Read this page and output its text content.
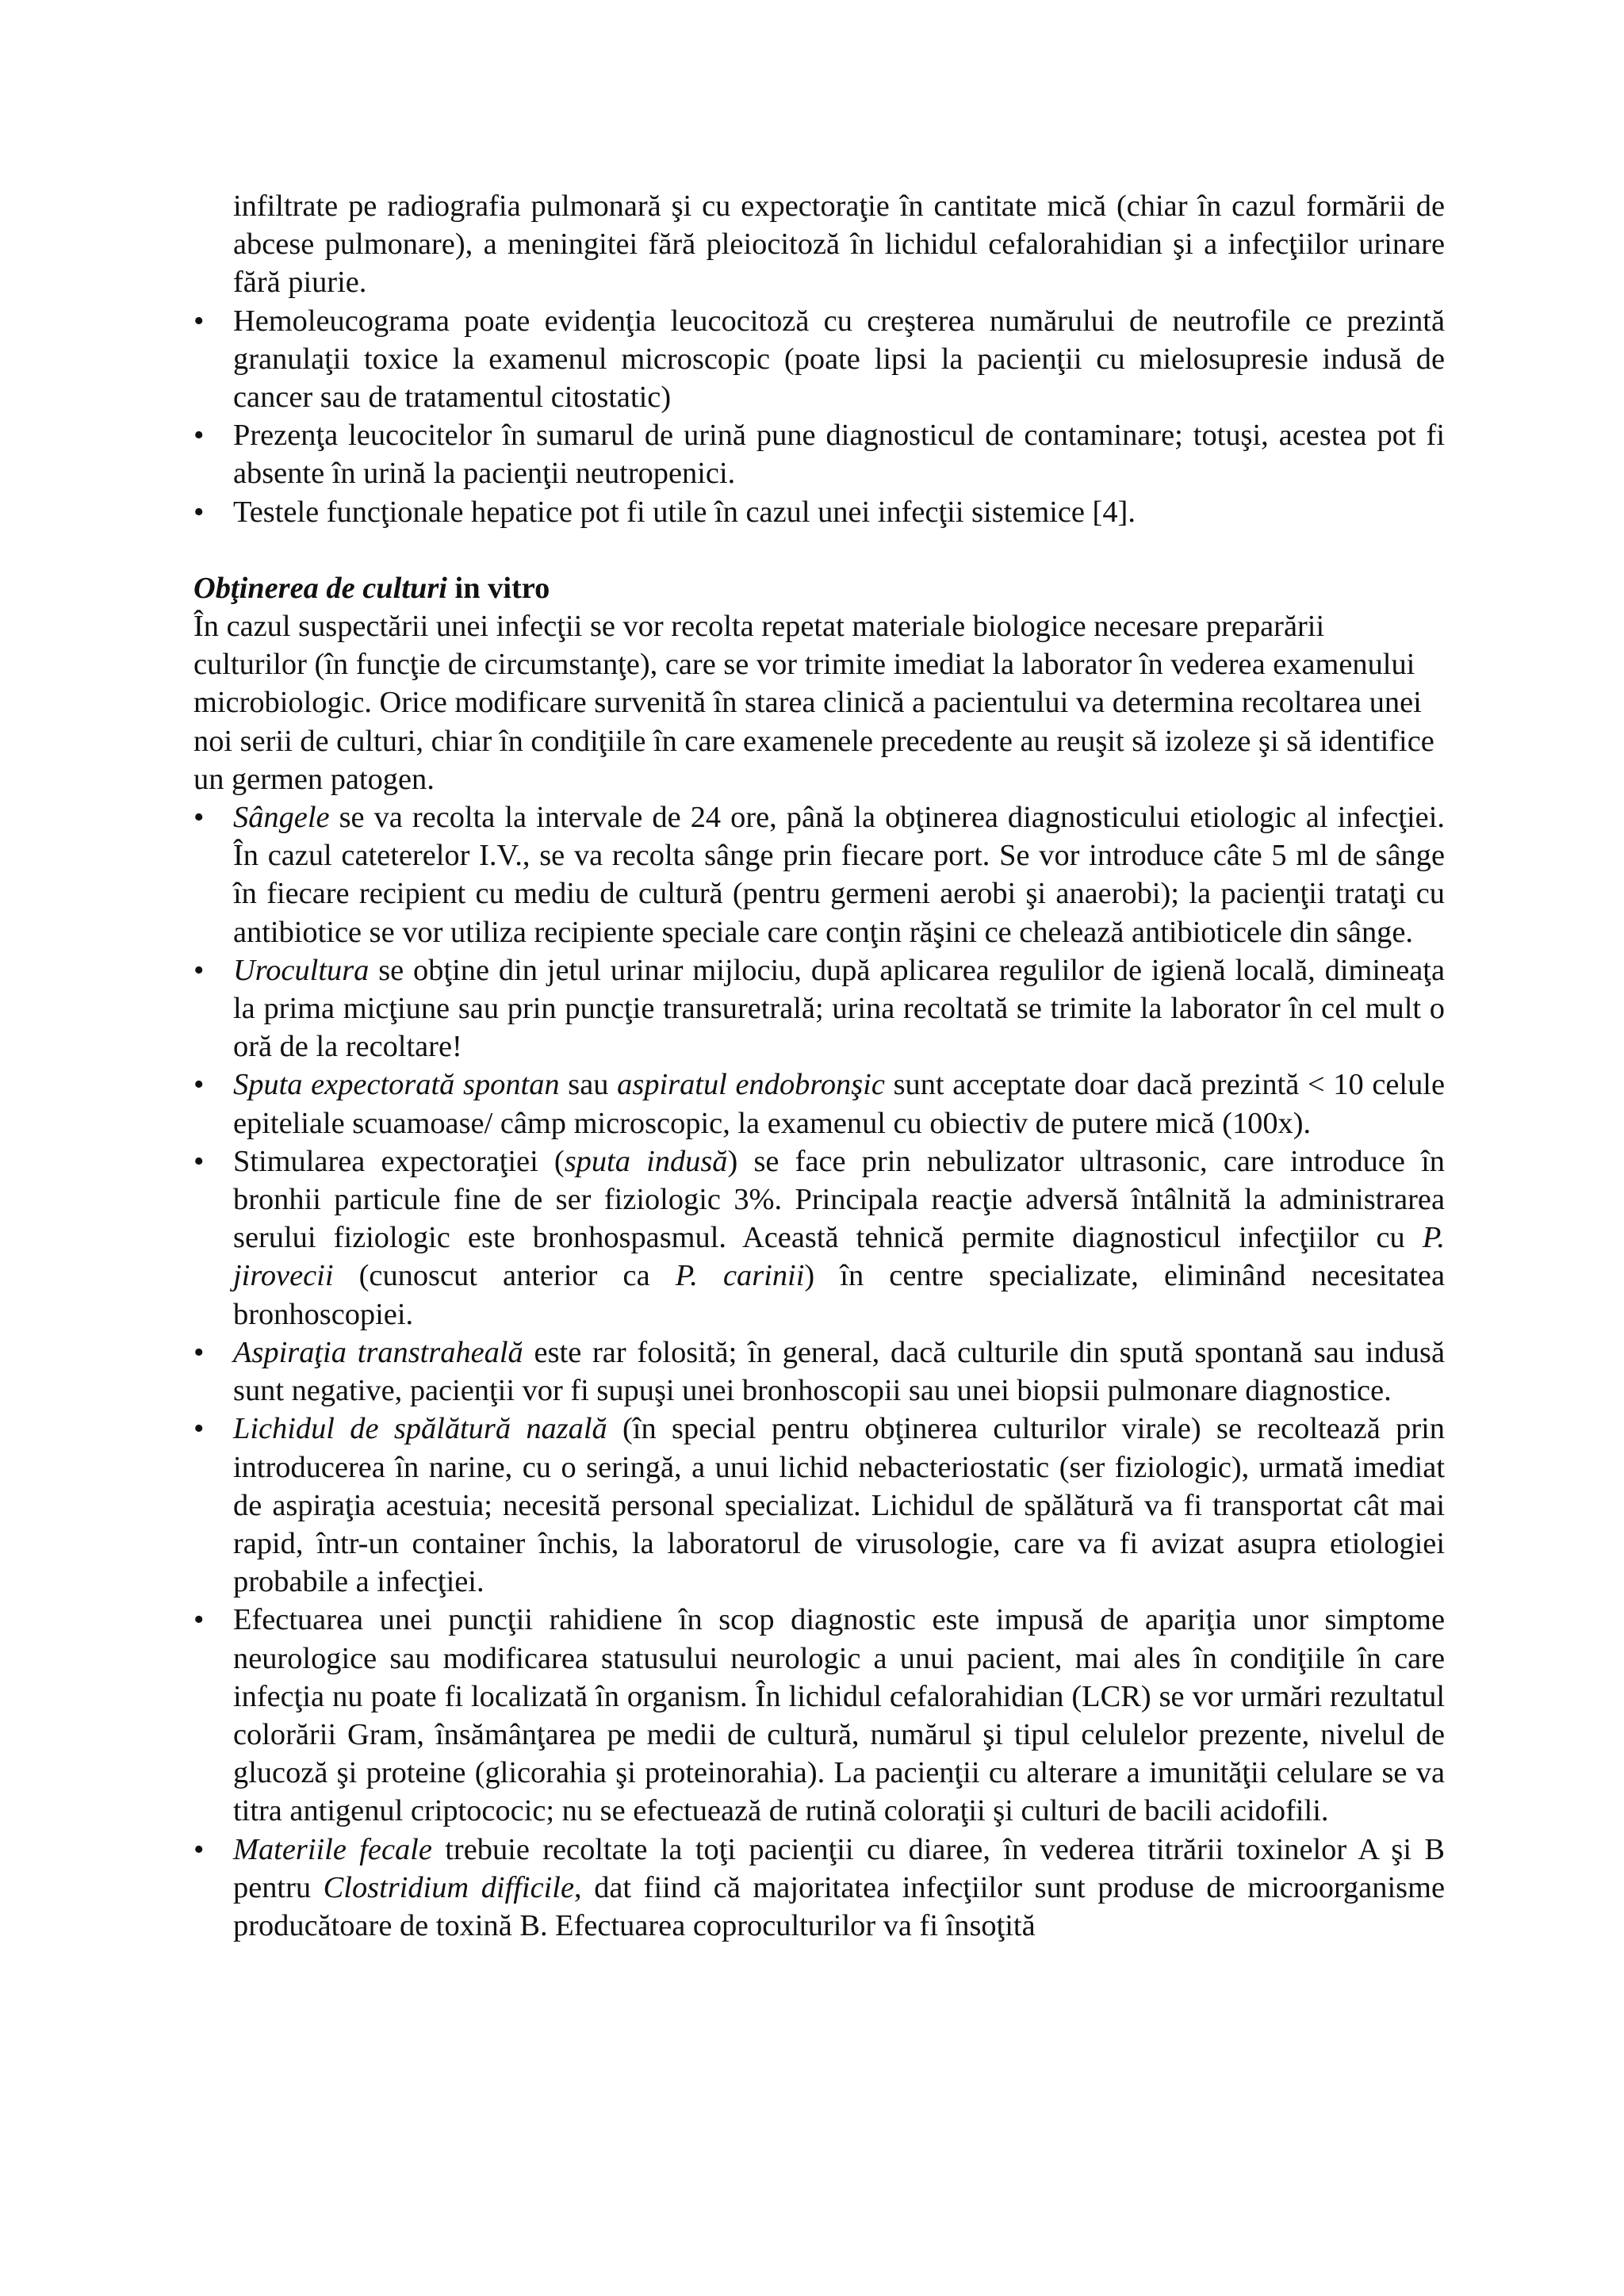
infiltrate pe radiografia pulmonară şi cu expectoraţie în cantitate mică (chiar în cazul formării de abcese pulmonare), a meningitei fără pleiocitoză în lichidul cefalorahidian şi a infecţiilor urinare fără piurie.

• Hemoleucograma poate evidenţia leucocitoză cu creşterea numărului de neutrofile ce prezintă granulaţii toxice la examenul microscopic (poate lipsi la pacienţii cu mielosupresie indusă de cancer sau de tratamentul citostatic)
• Prezenţa leucocitelor în sumarul de urină pune diagnosticul de contaminare; totuşi, acestea pot fi absente în urină la pacienţii neutropenici.
• Testele funcţionale hepatice pot fi utile în cazul unei infecţii sistemice [4].

Obţinerea de culturi in vitro

În cazul suspectării unei infecţii se vor recolta repetat materiale biologice necesare preparării culturilor (în funcţie de circumstanţe), care se vor trimite imediat la laborator în vederea examenului microbiologic. Orice modificare survenită în starea clinică a pacientului va determina recoltarea unei noi serii de culturi, chiar în condiţiile în care examenele precedente au reuşit să izoleze şi să identifice un germen patogen.

• Sângele se va recolta la intervale de 24 ore, până la obţinerea diagnosticului etiologic al infecţiei. În cazul cateterelor I.V., se va recolta sânge prin fiecare port. Se vor introduce câte 5 ml de sânge în fiecare recipient cu mediu de cultură (pentru germeni aerobi şi anaerobi); la pacienţii trataţi cu antibiotice se vor utiliza recipiente speciale care conţin răşini ce chelează antibioticele din sânge.
• Urocultura se obţine din jetul urinar mijlociu, după aplicarea regulilor de igienă locală, dimineaţa la prima micţiune sau prin puncţie transuretrală; urina recoltată se trimite la laborator în cel mult o oră de la recoltare!
• Sputa expectorată spontan sau aspiratul endobronşic sunt acceptate doar dacă prezintă < 10 celule epiteliale scuamoase/ câmp microscopic, la examenul cu obiectiv de putere mică (100x).
• Stimularea expectoraţiei (sputa indusă) se face prin nebulizator ultrasonic, care introduce în bronhii particule fine de ser fiziologic 3%. Principala reacţie adversă întâlnită la administrarea serului fiziologic este bronhospasmul. Această tehnică permite diagnosticul infecţiilor cu P. jirovecii (cunoscut anterior ca P. carinii) în centre specializate, eliminând necesitatea bronhoscopiei.
• Aspiraţia transtraheală este rar folosită; în general, dacă culturile din spută spontană sau indusă sunt negative, pacienţii vor fi supuşi unei bronhoscopii sau unei biopsii pulmonare diagnostice.
• Lichidul de spălătură nazală (în special pentru obţinerea culturilor virale) se recoltează prin introducerea în narine, cu o seringă, a unui lichid nebacteriostatic (ser fiziologic), urmată imediat de aspiraţia acestuia; necesită personal specializat. Lichidul de spălătură va fi transportat cât mai rapid, într-un container închis, la laboratorul de virusologie, care va fi avizat asupra etiologiei probabile a infecţiei.
• Efectuarea unei puncţii rahidiene în scop diagnostic este impusă de apariţia unor simptome neurologice sau modificarea statusului neurologic a unui pacient, mai ales în condiţiile în care infecţia nu poate fi localizată în organism. În lichidul cefalorahidian (LCR) se vor urmări rezultatul colorării Gram, însămânţarea pe medii de cultură, numărul şi tipul celulelor prezente, nivelul de glucoză şi proteine (glicorahia şi proteinorahia). La pacienţii cu alterare a imunităţii celulare se va titra antigenul criptococic; nu se efectuează de rutină coloraţii şi culturi de bacili acidofili.
• Materiile fecale trebuie recoltate la toţi pacienţii cu diaree, în vederea titrării toxinelor A şi B pentru Clostridium difficile, dat fiind că majoritatea infecţiilor sunt produse de microorganisme producătoare de toxină B. Efectuarea coproculturilor va fi însoţită
